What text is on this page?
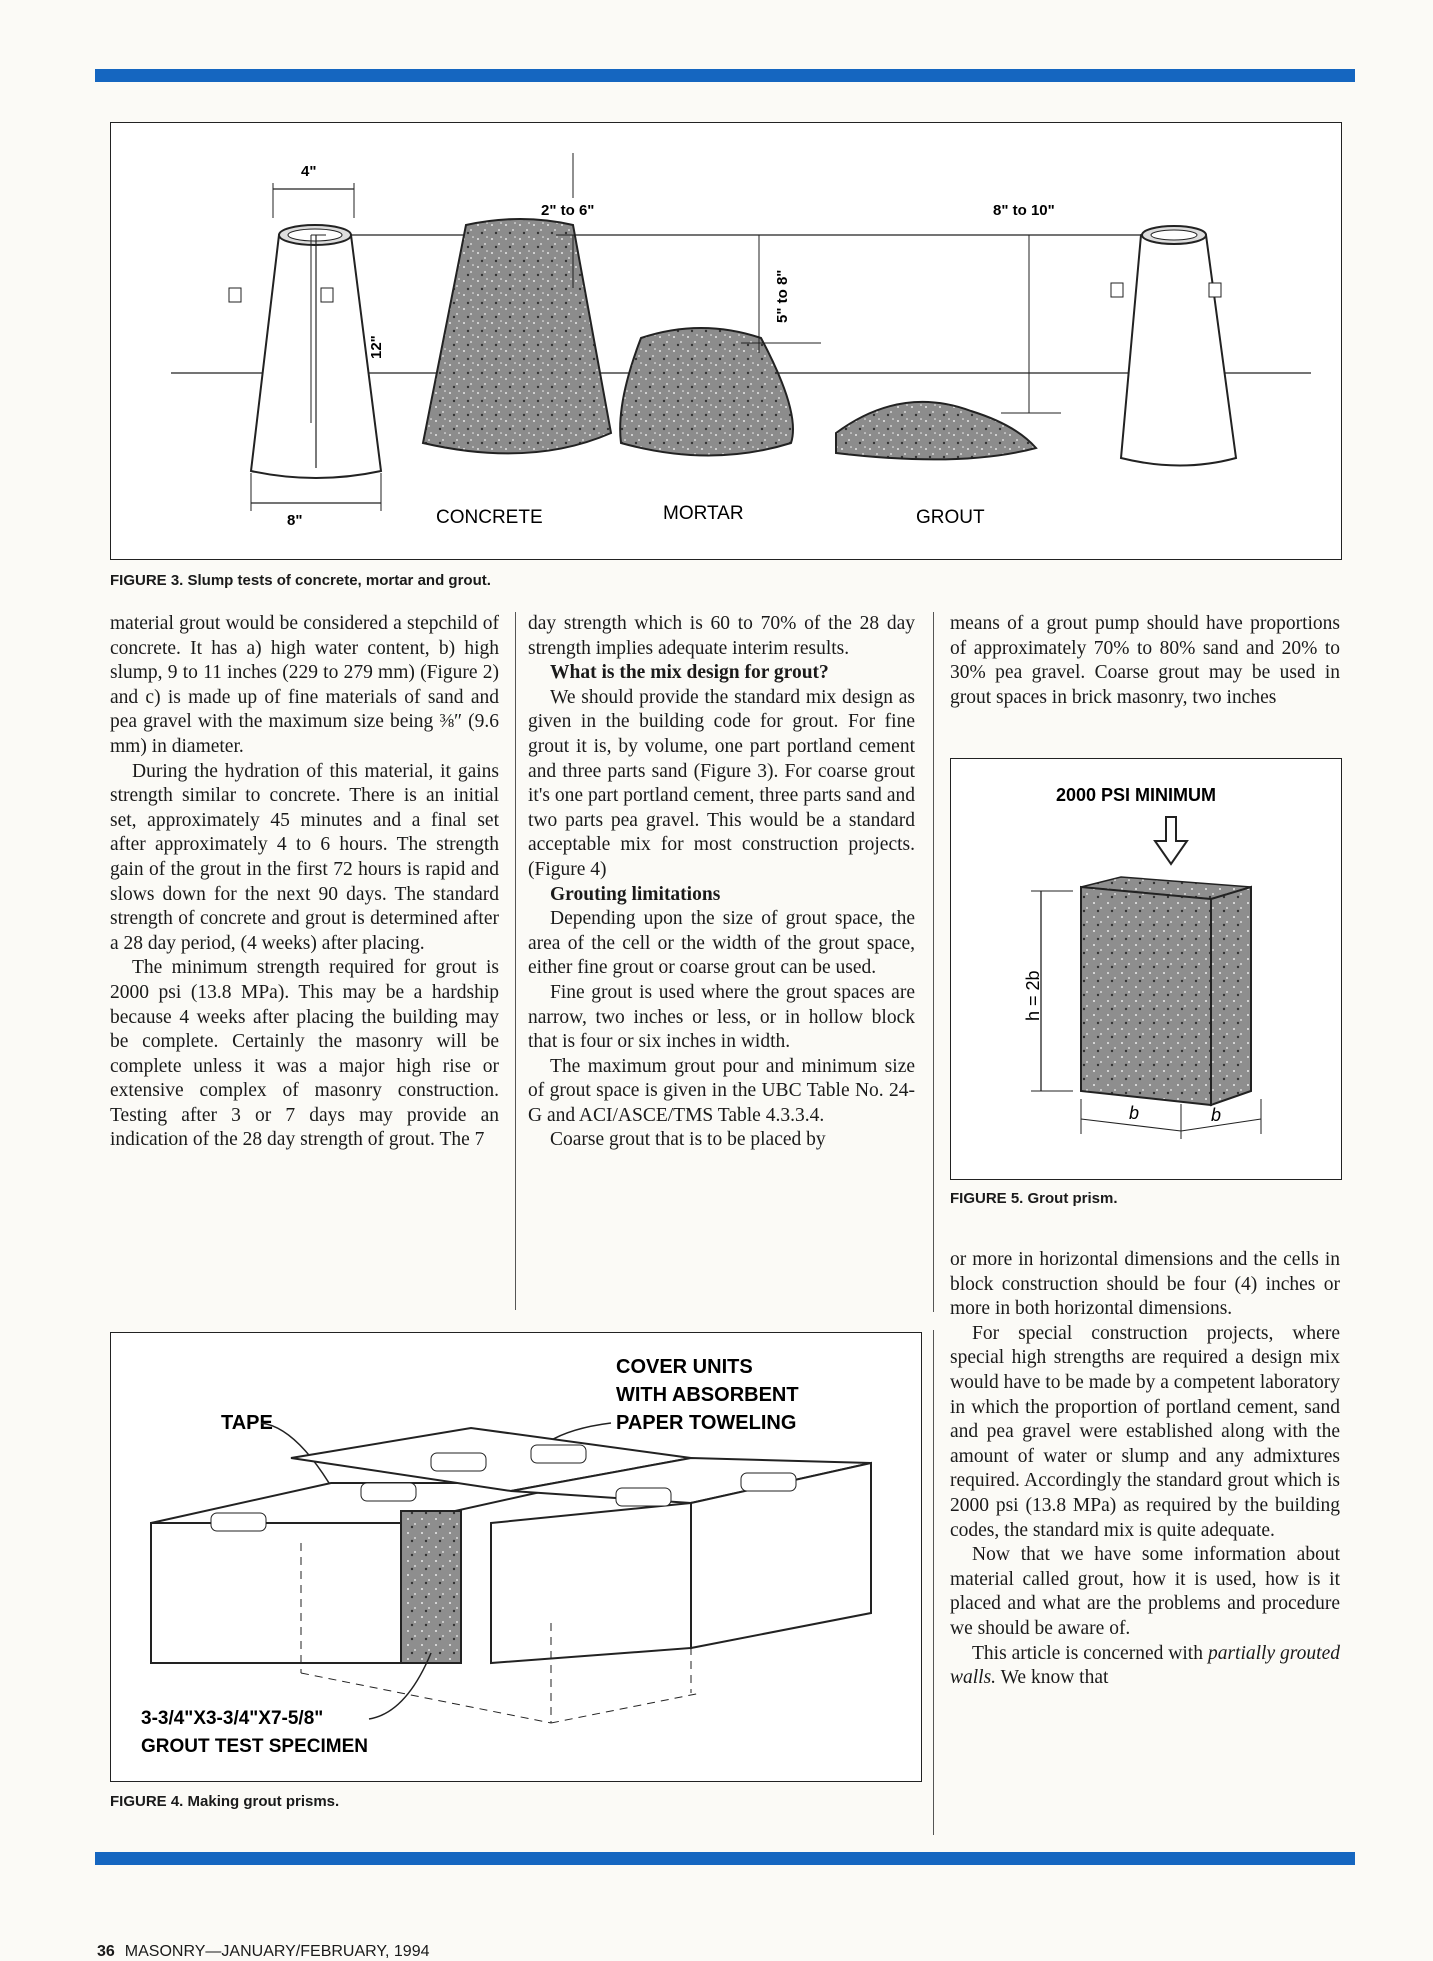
4"
12"
8"
2" to 6"
CONCRETE
5" to 8"
MORTAR
8" to 10"
GROUT
FIGURE 3. Slump tests of concrete, mortar and grout.

material grout would be considered a stepchild of concrete. It has a) high water content, b) high slump, 9 to 11 inches (229 to 279 mm) (Figure 2) and c) is made up of fine materials of sand and pea gravel with the maximum size being ⅜″ (9.6 mm) in diameter.

During the hydration of this material, it gains strength similar to concrete. There is an initial set, approximately 45 minutes and a final set after approximately 4 to 6 hours. The strength gain of the grout in the first 72 hours is rapid and slows down for the next 90 days. The standard strength of concrete and grout is determined after a 28 day period, (4 weeks) after placing.

The minimum strength required for grout is 2000 psi (13.8 MPa). This may be a hardship because 4 weeks after placing the building may be complete. Certainly the masonry will be complete unless it was a major high rise or extensive complex of masonry construction. Testing after 3 or 7 days may provide an indication of the 28 day strength of grout. The 7

day strength which is 60 to 70% of the 28 day strength implies adequate interim results.

What is the mix design for grout?

We should provide the standard mix design as given in the building code for grout. For fine grout it is, by volume, one part portland cement and three parts sand (Figure 3). For coarse grout it's one part portland cement, three parts sand and two parts pea gravel. This would be a standard acceptable mix for most construction projects. (Figure 4)

Grouting limitations

Depending upon the size of grout space, the area of the cell or the width of the grout space, either fine grout or coarse grout can be used.

Fine grout is used where the grout spaces are narrow, two inches or less, or in hollow block that is four or six inches in width.

The maximum grout pour and minimum size of grout space is given in the UBC Table No. 24-G and ACI/ASCE/TMS Table 4.3.3.4.

Coarse grout that is to be placed by

means of a grout pump should have proportions of approximately 70% to 80% sand and 20% to 30% pea gravel. Coarse grout may be used in grout spaces in brick masonry, two inches

2000 PSI MINIMUM
h = 2b
b	b
FIGURE 5. Grout prism.

or more in horizontal dimensions and the cells in block construction should be four (4) inches or more in both horizontal dimensions.

For special construction projects, where special high strengths are required a design mix would have to be made by a competent laboratory in which the proportion of portland cement, sand and pea gravel were established along with the amount of water or slump and any admixtures required. Accordingly the standard grout which is 2000 psi (13.8 MPa) as required by the building codes, the standard mix is quite adequate.

Now that we have some information about material called grout, how it is used, how is it placed and what are the problems and procedure we should be aware of.

This article is concerned with partially grouted walls. We know that

COVER UNITS
WITH ABSORBENT
PAPER TOWELING
TAPE
3-3/4"X3-3/4"X7-5/8"
GROUT TEST SPECIMEN
FIGURE 4. Making grout prisms.
36 MASONRY—JANUARY/FEBRUARY, 1994
